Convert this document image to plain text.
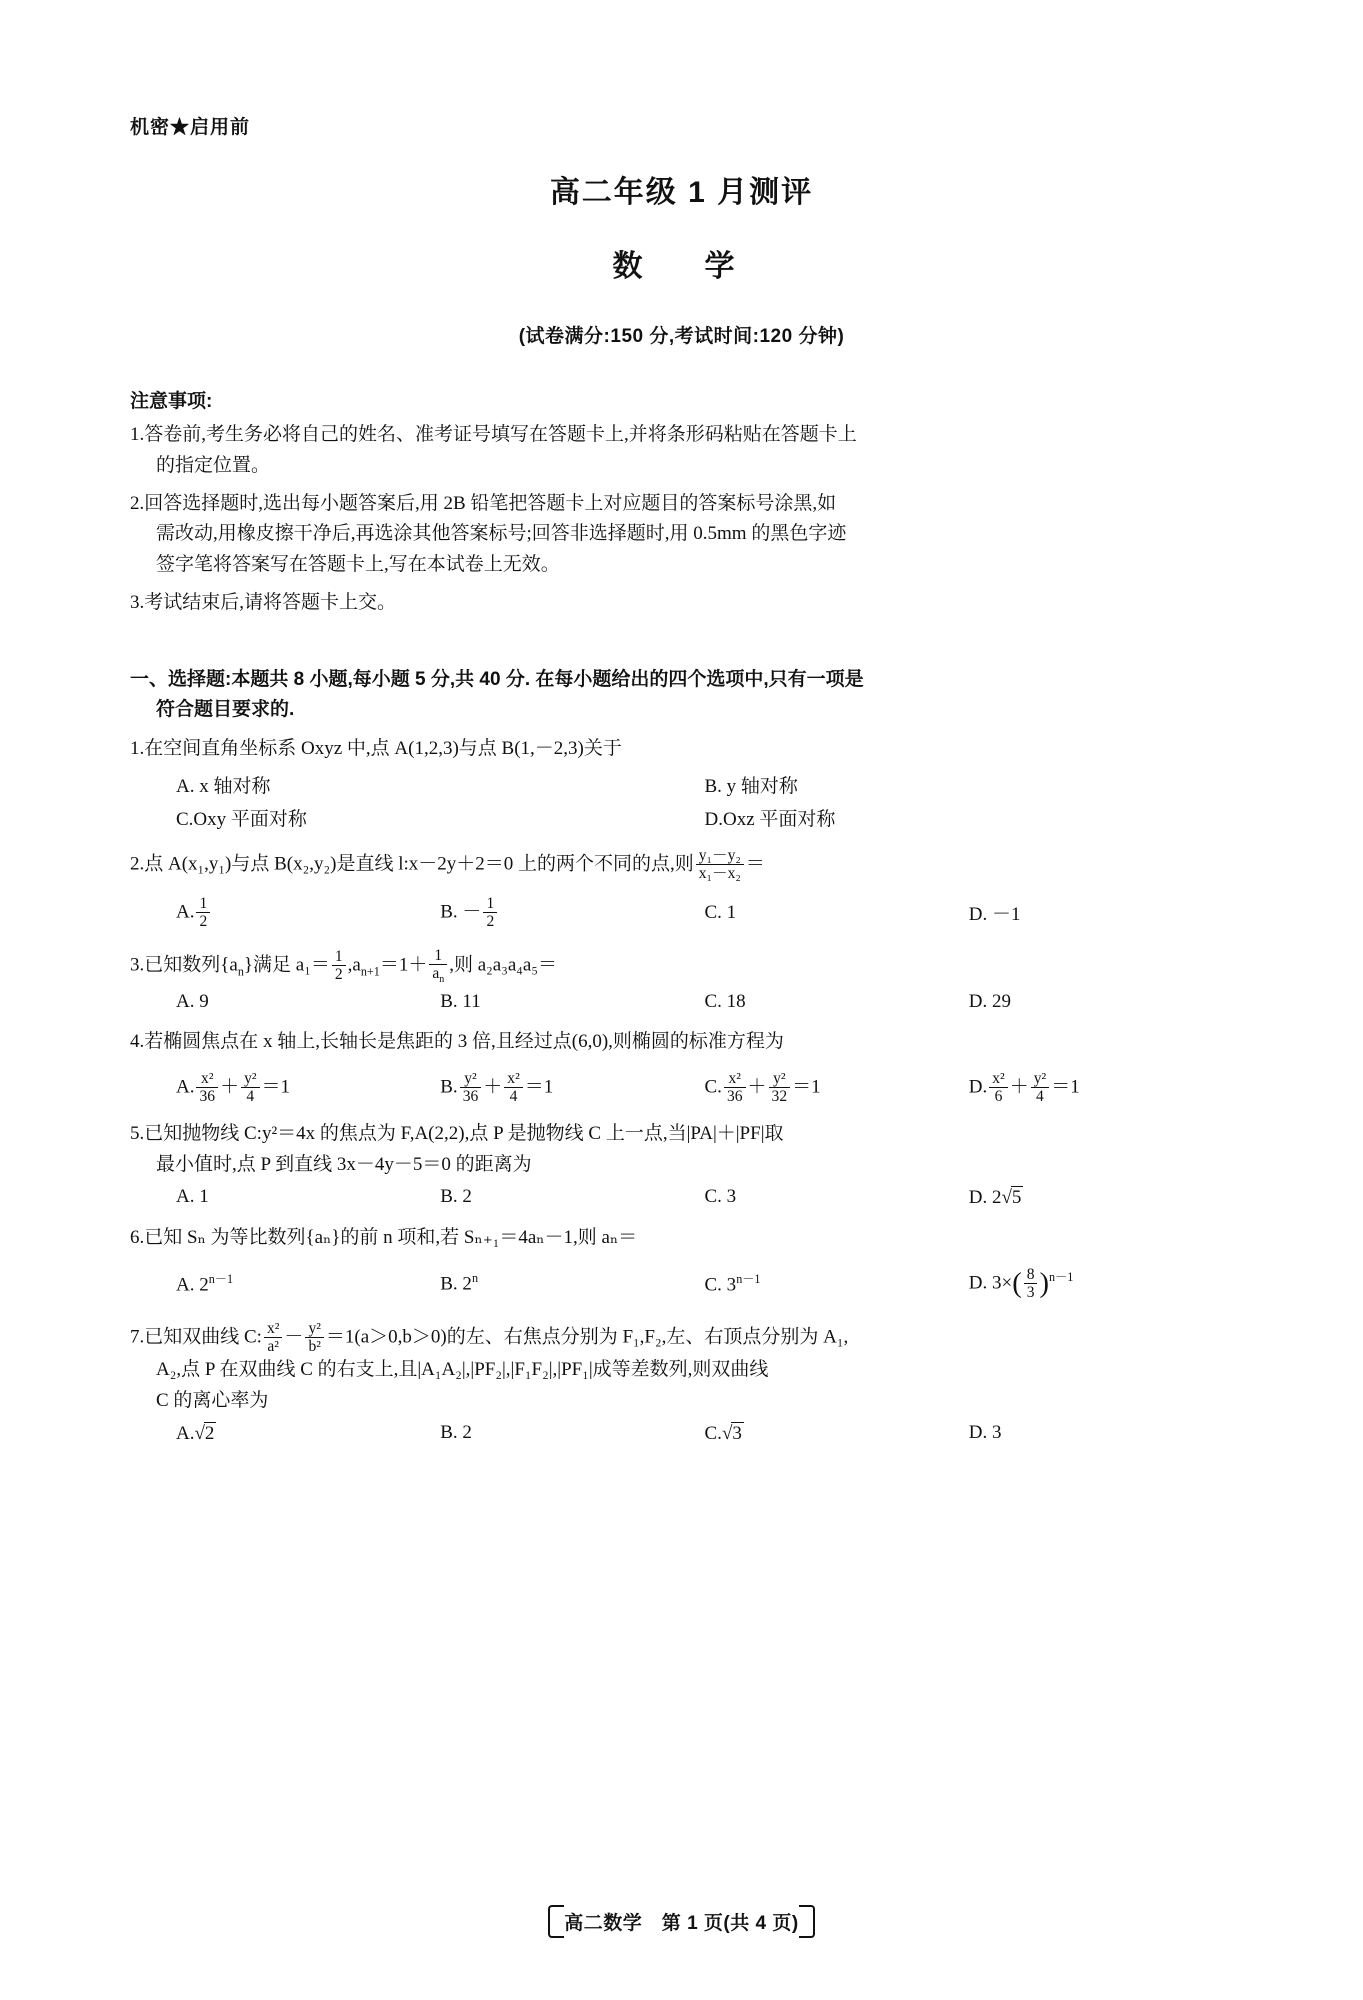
机密★启用前
高二年级 1 月测评
数　学
(试卷满分:150 分,考试时间:120 分钟)
注意事项:
1.答卷前,考生务必将自己的姓名、准考证号填写在答题卡上,并将条形码粘贴在答题卡上
的指定位置。
2.回答选择题时,选出每小题答案后,用 2B 铅笔把答题卡上对应题目的答案标号涂黑,如
需改动,用橡皮擦干净后,再选涂其他答案标号;回答非选择题时,用 0.5mm 的黑色字迹
签字笔将答案写在答题卡上,写在本试卷上无效。
3.考试结束后,请将答题卡上交。
一、选择题:本题共 8 小题,每小题 5 分,共 40 分. 在每小题给出的四个选项中,只有一项是
符合题目要求的.
1.在空间直角坐标系 Oxyz 中,点 A(1,2,3)与点 B(1,－2,3)关于
A. x 轴对称	B. y 轴对称
C.Oxy 平面对称	D.Oxz 平面对称
2.点 A(x₁,y₁)与点 B(x₂,y₂)是直线 l:x－2y＋2＝0 上的两个不同的点,则 $\frac{\text{y₁－y₂}}{\text{x₁－x₂}}$ ＝
A. $\frac{1}{2}$	B. － $\frac{1}{2}$	C. 1	D. －1
3.已知数列$\{a_n\}$满足 $a_1= \frac{1}{2} ,a_{n+1}=1+ \frac{1}{a_n}$ ,则 a₂a₃a₄a₅＝
A. 9	B. 11	C. 18	D. 29
4.若椭圆焦点在 x 轴上,长轴长是焦距的 3 倍,且经过点(6,0),则椭圆的标准方程为
A. $\frac{\text{x²}}{36} + \frac{\text{y²}}{4} =1$	B. $\frac{\text{y²}}{36} + \frac{\text{x²}}{4} =1$	C. $\frac{\text{x²}}{36} + \frac{\text{y²}}{32} =1$	D. $\frac{\text{x²}}{6} + \frac{\text{y²}}{4} =1$
5.已知抛物线 C:y²＝4x 的焦点为 F,A(2,2),点 P 是抛物线 C 上一点,当|PA|＋|PF|取
最小值时,点 P 到直线 3x－4y－5＝0 的距离为
A. 1	B. 2	C. 3	D. 2√5
6.已知 Sₙ 为等比数列{aₙ}的前 n 项和,若 Sₙ₊₁＝4aₙ－1,则 aₙ＝
A. $2^{n-1}$	B. 2$^n$	C. $3^{n-1}$	D. $3\times( \frac{8}{3} )^{n-1}$
7.已知双曲线 C: $\frac{\text{x²}}{\text{a²}} - \frac{\text{y²}}{\text{b²}} =1(a>0,b>0)$的左、右焦点分别为 F₁,F₂,左、右顶点分别为 A₁,
A₂,点 P 在双曲线 C 的右支上,且|A₁A₂|,|PF₂|,|F₁F₂|,|PF₁|成等差数列,则双曲线
C 的离心率为
A.√2	B. 2	C.√3	D. 3
高二数学　第 1 页(共 4 页)
